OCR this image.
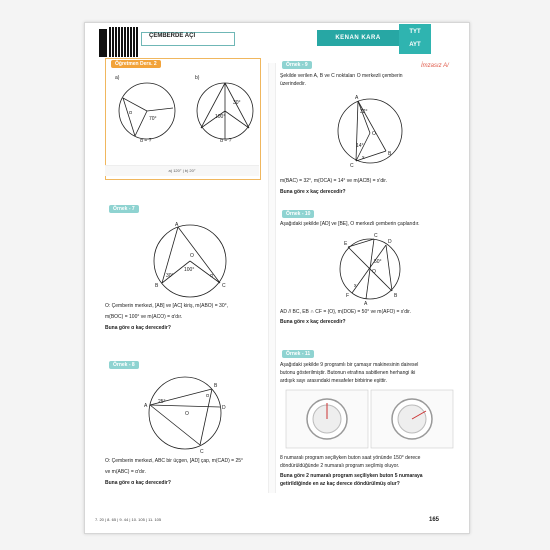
ÇEMBERDE AÇI	KENAN KARA
TYT
AYT
İmzasız A/
Öğretmen Ders. 2
a)	b)
α
70°
30°
100°
α = ?	α = ?
a) 120° | b) 20°
Örnek - 7
A
B	C
O
30°
100°
α
O: Çemberin merkezi, [AB] ve [AC] kiriş, m(ABO) = 30°,
m(BOC) = 100° ve m(ACO) = α'dır.
Buna göre α kaç derecedir?
Örnek - 8
A
B
C
D
O
25°
α
O: Çemberin merkezi, ABC bir üçgen, [AD] çap, m(CAD) = 25°
ve m(ABC) = α'dır.
Buna göre α kaç derecedir?
Örnek - 9
Şekilde verilen A, B ve C noktaları O merkezli çemberin
üzerindedir.
A
B
C
O
32°
14°
x
m(BAC) = 32°, m(OCA) = 14° ve m(ACB) = x'dir.
Buna göre x kaç derecedir?
Örnek - 10
Aşağıdaki şekilde [AD] ve [BE], O merkezli çemberin çaplarıdır.
E
C
D
F
A
B
O
50°
x
AD // BC, EB ∩ CF = {O}, m(DOE) = 50° ve m(AFO) = x'dir.
Buna göre x kaç derecedir?
Örnek - 11
Aşağıdaki şekilde 9 programlı bir çamaşır makinesinin dairesel
butonu gösterilmiştir. Butonun etrafına sabitlenen herhangi iki
ardışık sayı arasındaki mesafeler birbirine eşittir.
8 numaralı program seçiliyken buton saat yönünde 150° derece
döndürüldüğünde 2 numaralı program seçilmiş oluyor.
Buna göre 2 numaralı program seçiliyken buton 5 numaraya
getirildiğinde en az kaç derece döndürülmüş olur?
7. 20 | 8. 65 | 9. 44 | 10. 105 | 11. 105	165
